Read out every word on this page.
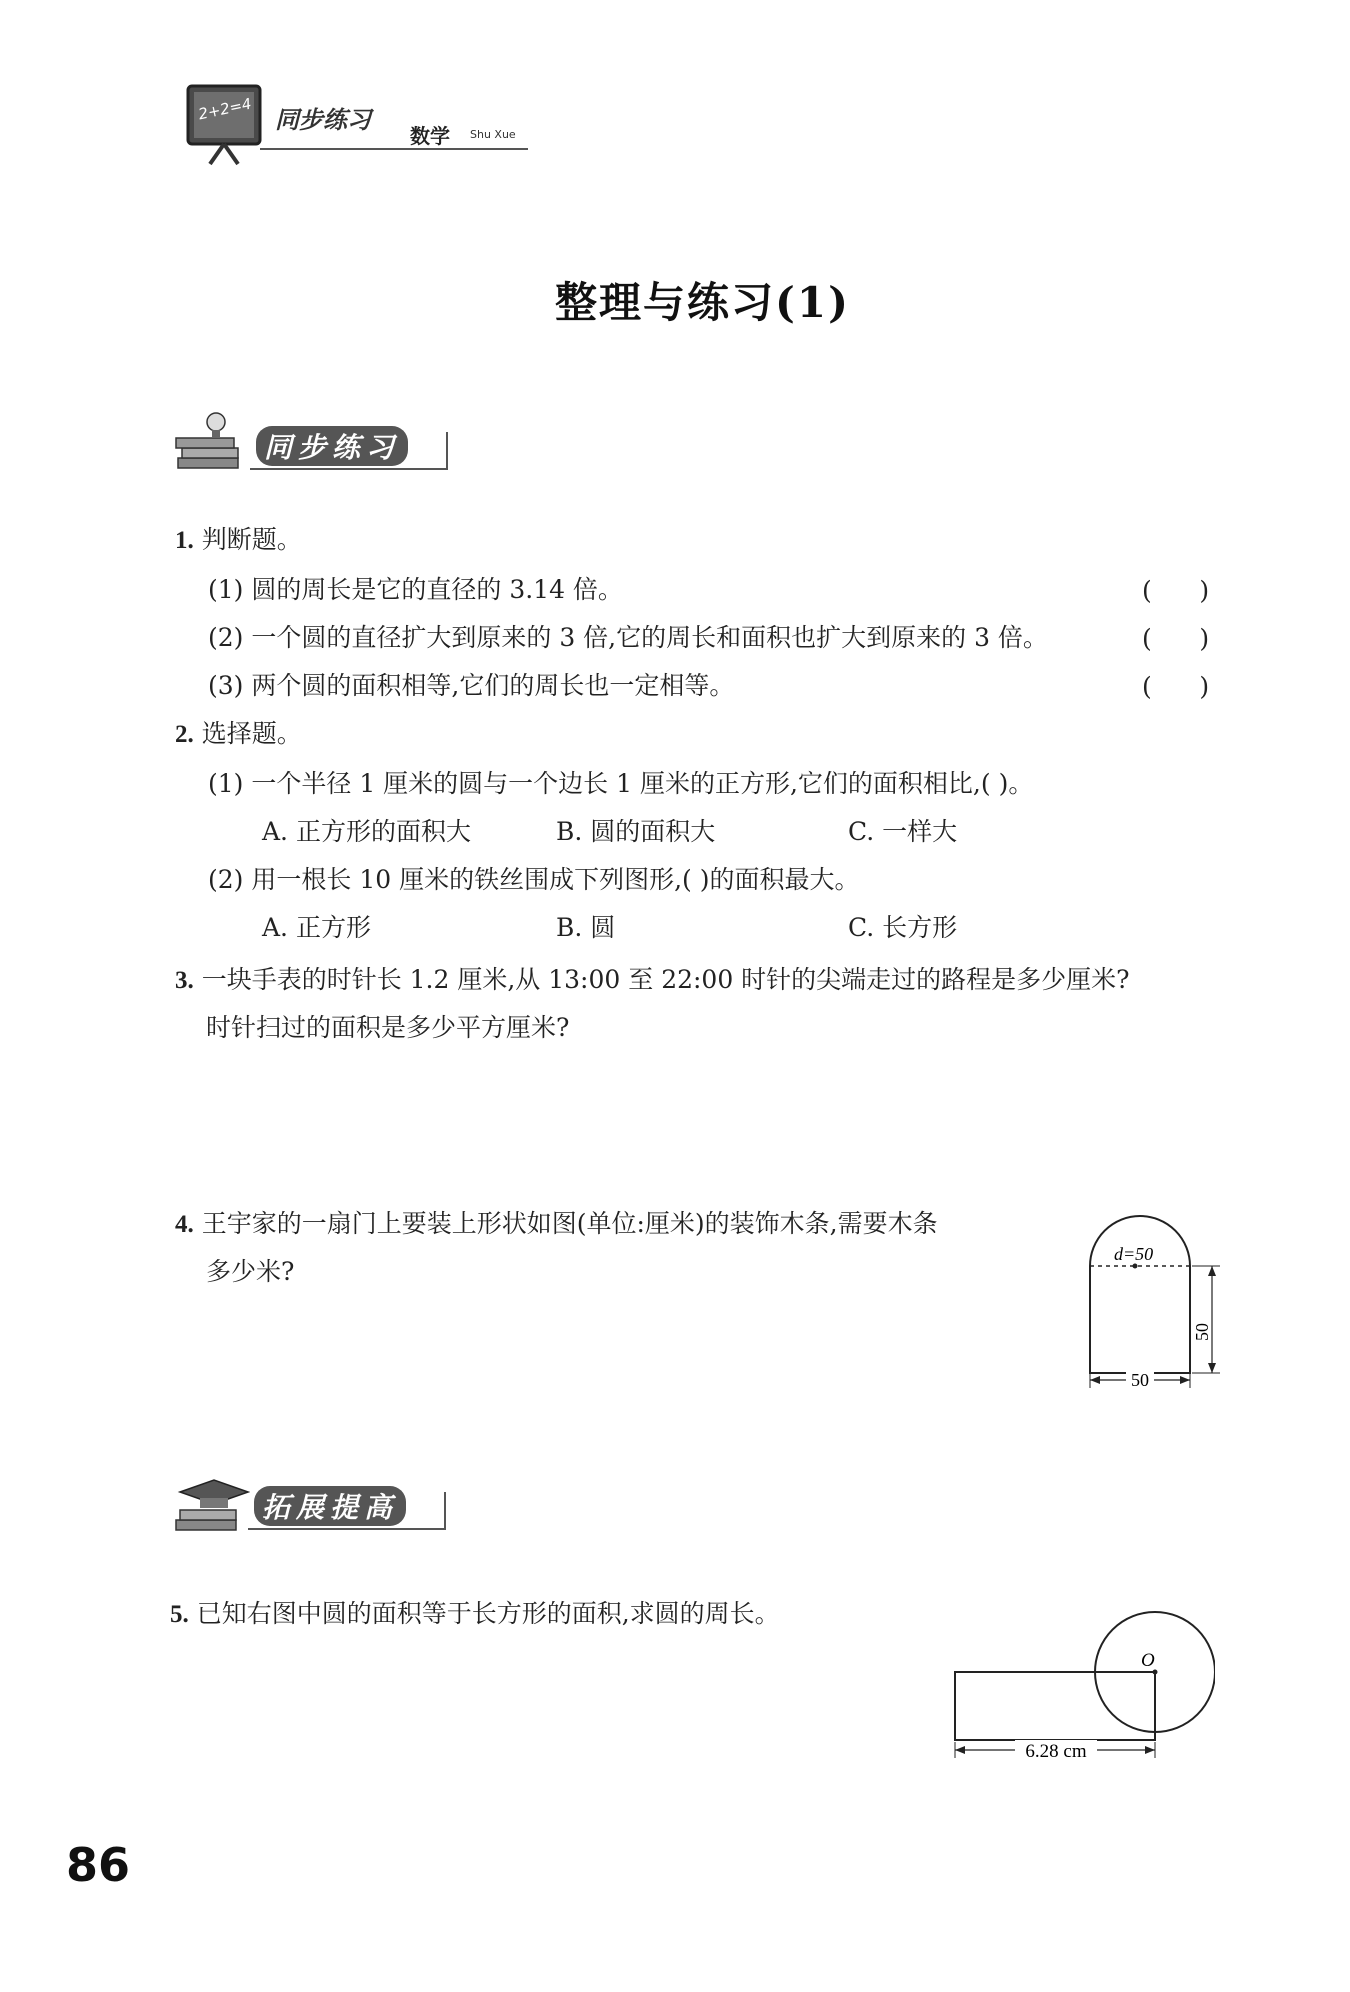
2+2=4 同步练习
数学 Shu Xue
整理与练习(1)
同步练习
1. 判断题。
(1) 圆的周长是它的直径的 3.14 倍。	(      )
(2) 一个圆的直径扩大到原来的 3 倍,它的周长和面积也扩大到原来的 3 倍。	(      )
(3) 两个圆的面积相等,它们的周长也一定相等。	(      )
2. 选择题。
(1) 一个半径 1 厘米的圆与一个边长 1 厘米的正方形,它们的面积相比,( )。
A. 正方形的面积大	B. 圆的面积大	C. 一样大
(2) 用一根长 10 厘米的铁丝围成下列图形,( )的面积最大。
A. 正方形	B. 圆	C. 长方形
3. 一块手表的时针长 1.2 厘米,从 13:00 至 22:00 时针的尖端走过的路程是多少厘米?
时针扫过的面积是多少平方厘米?
4. 王宇家的一扇门上要装上形状如图(单位:厘米)的装饰木条,需要木条
多少米?
d=50
50
50
拓展提高
5. 已知右图中圆的面积等于长方形的面积,求圆的周长。
O
6.28 cm
86
